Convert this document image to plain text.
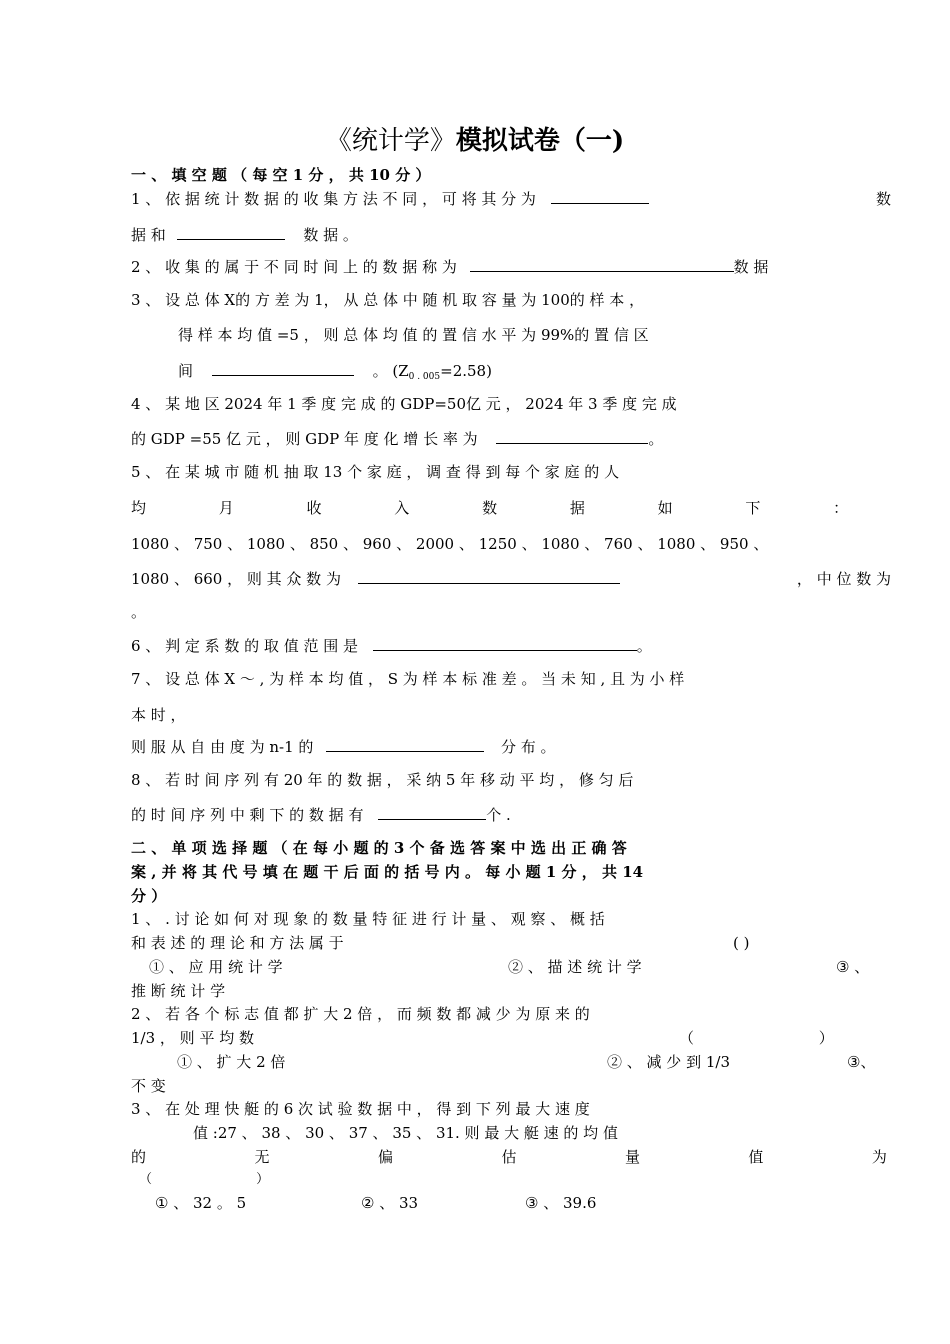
《统计学》模拟试卷（一)
一 、 填 空 题 （ 每 空 1 分 ， 共 10 分 ）
1 、 依 据 统 计 数 据 的 收 集 方 法 不 同 ， 可 将 其 分 为	数
据 和	数 据 。
2 、 收 集 的 属 于 不 同 时 间 上 的 数 据 称 为	数 据
3 、 设 总 体 X的 方 差 为 1， 从 总 体 中 随 机 取 容 量 为 100的 样 本 ，
得 样 本 均 值 =5 ， 则 总 体 均 值 的 置 信 水 平 为 99%的 置 信 区
间	。 $(Z_{0 . 005}=2.58)$
4 、 某 地 区 2024 年 1 季 度 完 成 的 GDP=50亿 元 ， 2024 年 3 季 度 完 成
的 GDP =55 亿 元 ， 则 GDP 年 度 化 增 长 率 为	。
5 、 在 某 城 市 随 机 抽 取 13 个 家 庭 ， 调 查 得 到 每 个 家 庭 的 人
均 月 收 入 数 据 如 下 ：
1080 、 750 、 1080 、 850 、 960 、 2000 、 1250 、 1080 、 760 、 1080 、 950 、
1080 、 660 ， 则 其 众 数 为	， 中 位 数 为
。
6 、 判 定 系 数 的 取 值 范 围 是	。
7 、 设 总 体 X ～ , 为 样 本 均 值 ， S 为 样 本 标 准 差 。 当 未 知 , 且 为 小 样
本 时 ，
则 服 从 自 由 度 为 n-1 的	分 布 。
8 、 若 时 间 序 列 有 20 年 的 数 据 ， 采 纳 5 年 移 动 平 均 ， 修 匀 后
的 时 间 序 列 中 剩 下 的 数 据 有	个 .
二 、 单 项 选 择 题 （ 在 每 小 题 的 3 个 备 选 答 案 中 选 出 正 确 答
案 , 并 将 其 代 号 填 在 题 干 后 面 的 括 号 内 。 每 小 题 1 分 ， 共 14
分 ）
1 、 . 讨 论 如 何 对 现 象 的 数 量 特 征 进 行 计 量 、 观 察 、 概 括
和 表 述 的 理 论 和 方 法 属 于	( )
① 、 应 用 统 计 学	② 、 描 述 统 计 学	③ 、
推 断 统 计 学
2 、 若 各 个 标 志 值 都 扩 大 2 倍 ， 而 频 数 都 减 少 为 原 来 的
1/3 ， 则 平 均 数	（ ）
① 、 扩 大 2 倍	② 、 减 少 到 1/3	③、
不 变
3 、 在 处 理 快 艇 的 6 次 试 验 数 据 中 ， 得 到 下 列 最 大 速 度
值 :27 、 38 、 30 、 37 、 35 、 31. 则 最 大 艇 速 的 均 值
的	无	偏	估	量	值	为
（ ）
① 、 32 。 5	② 、 33	③ 、 39.6
